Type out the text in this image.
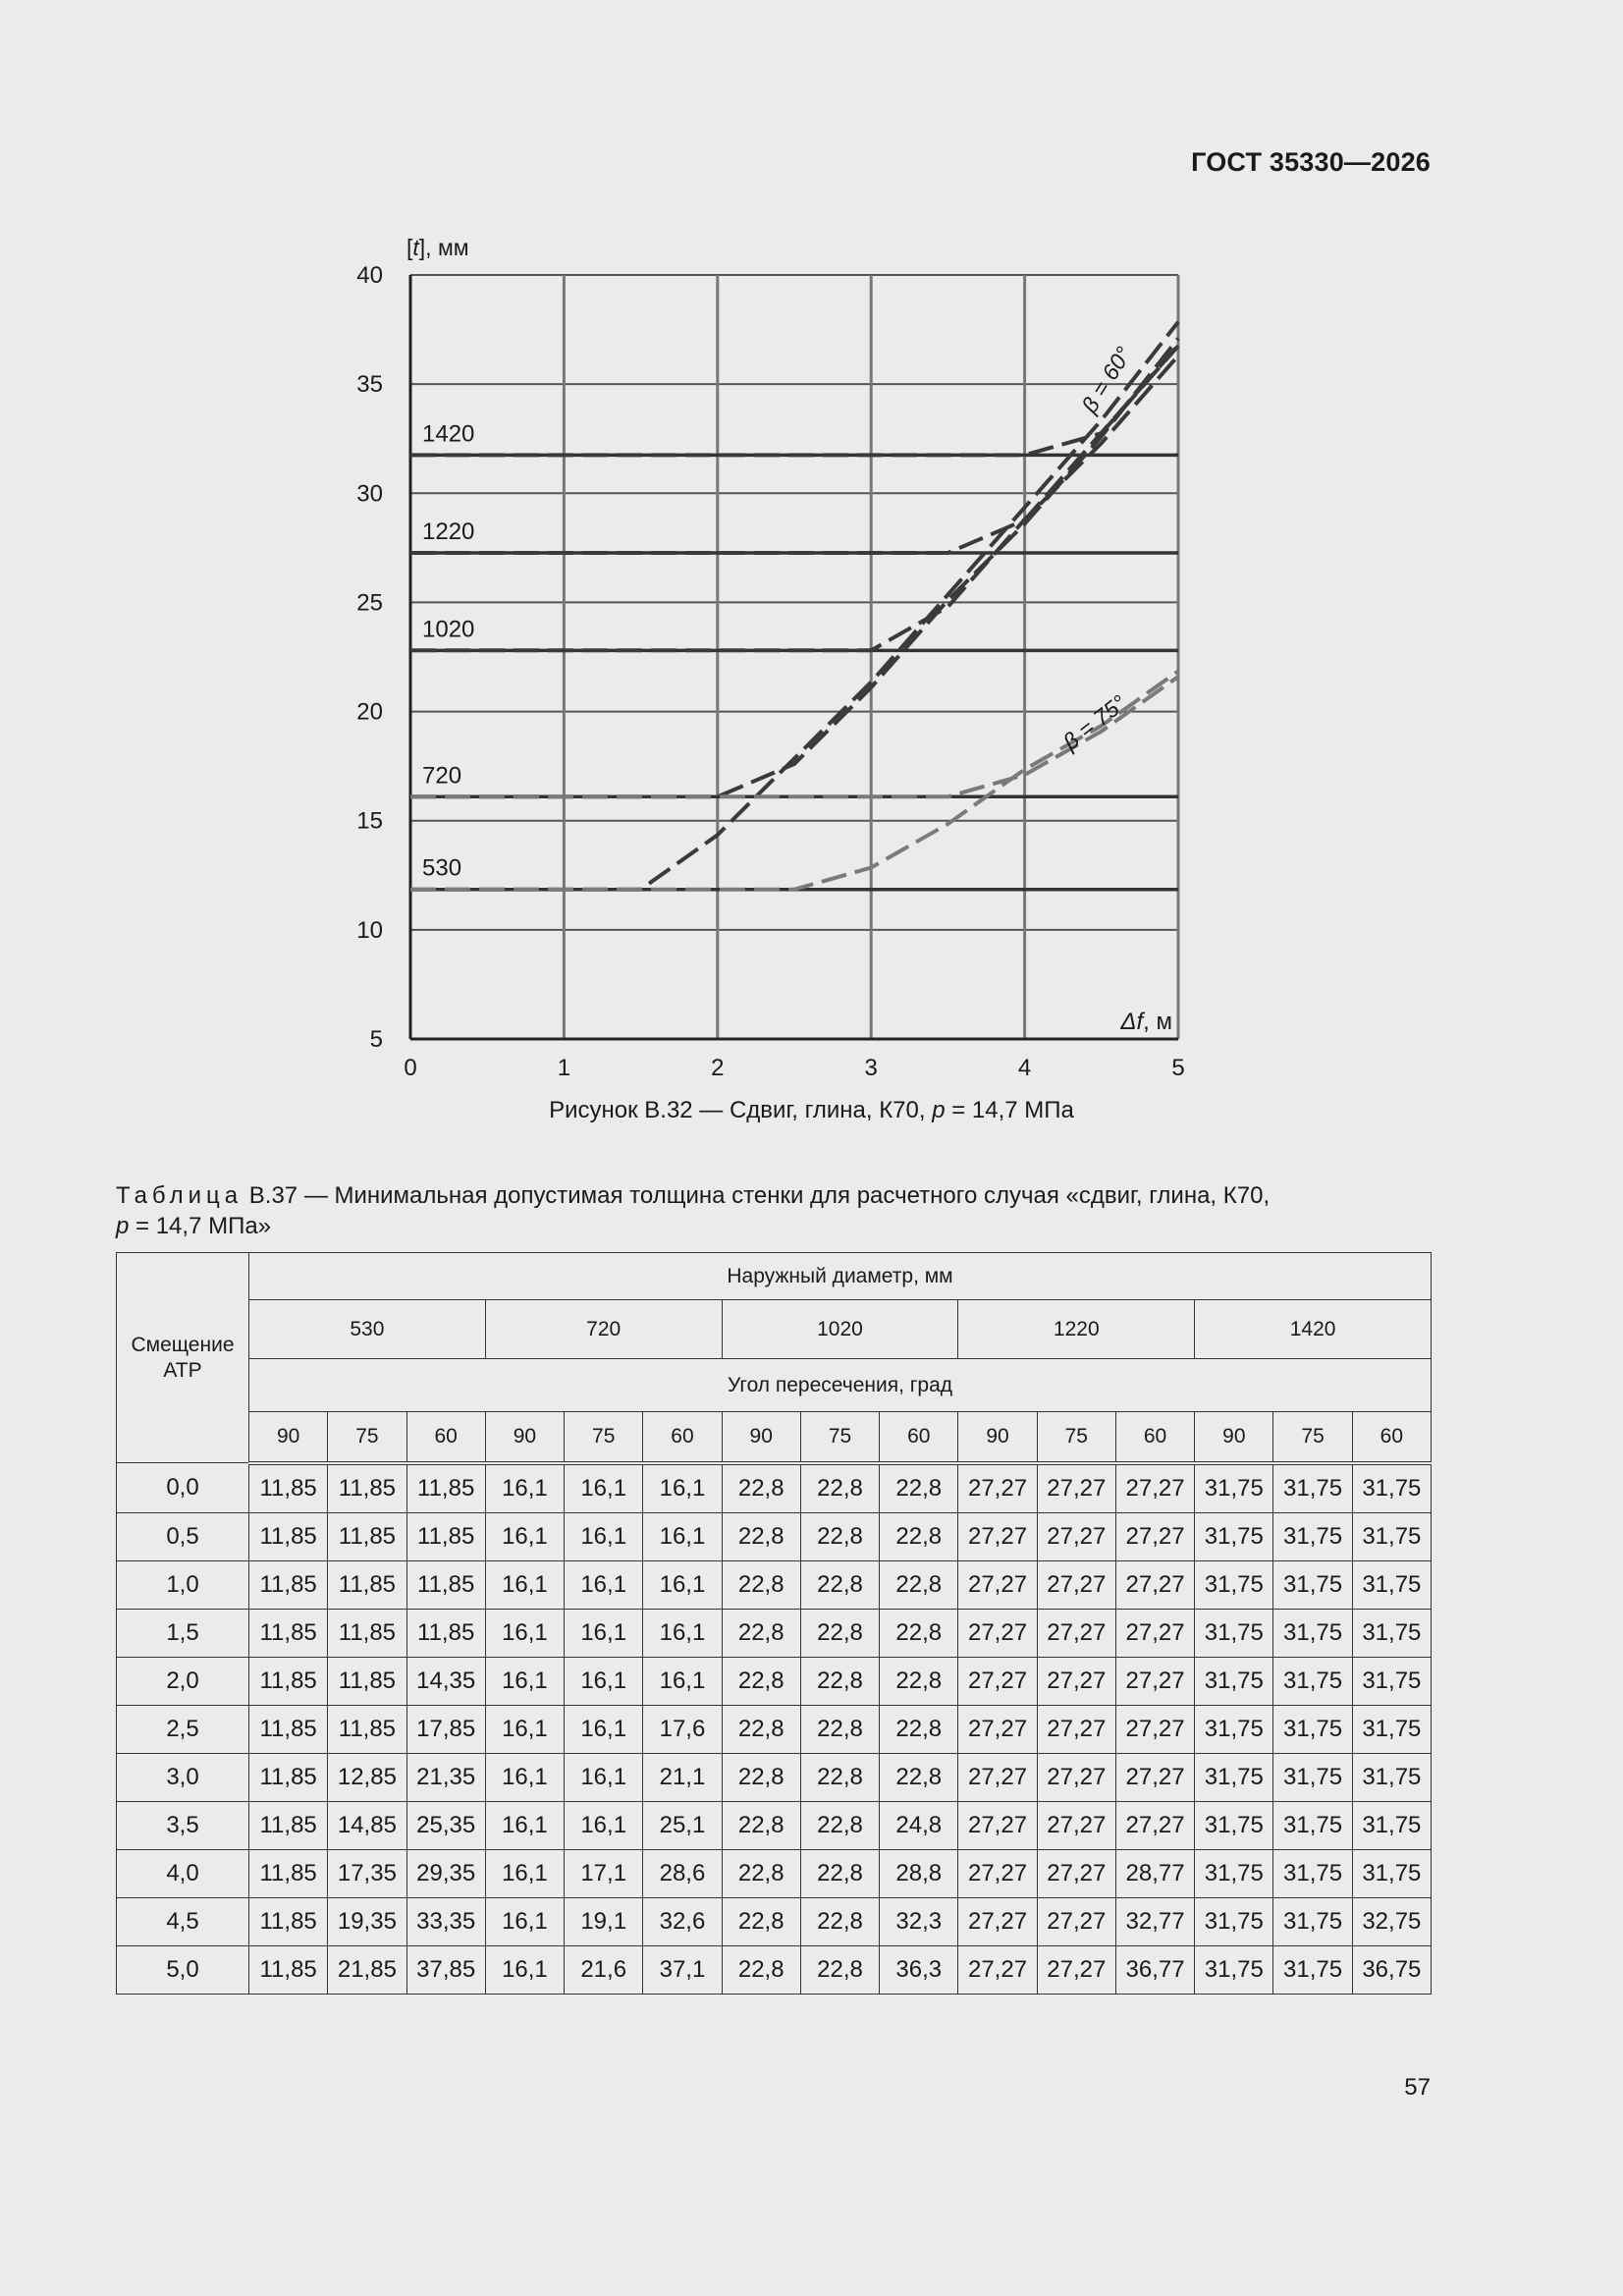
ГОСТ 35330—2026
530
720
1020
1220
1420
5
10
15
20
25
30
35
40
0	1	2	3	4	5
[t], мм
Δf, м
β = 60°
β = 75°
Рисунок В.32 — Сдвиг, глина, К70, p = 14,7 МПа
Таблица В.37 — Минимальная допустимая толщина стенки для расчетного случая «сдвиг, глина, К70,
p = 14,7 МПа»
Смещение АТР	Наружный диаметр, мм														
	530			720			1020			1220			1420		
	Угол пересечения, град														
	90	75	60	90	75	60	90	75	60	90	75	60	90	75	60
0,0	11,85	11,85	11,85	16,1	16,1	16,1	22,8	22,8	22,8	27,27	27,27	27,27	31,75	31,75	31,75
0,5	11,85	11,85	11,85	16,1	16,1	16,1	22,8	22,8	22,8	27,27	27,27	27,27	31,75	31,75	31,75
1,0	11,85	11,85	11,85	16,1	16,1	16,1	22,8	22,8	22,8	27,27	27,27	27,27	31,75	31,75	31,75
1,5	11,85	11,85	11,85	16,1	16,1	16,1	22,8	22,8	22,8	27,27	27,27	27,27	31,75	31,75	31,75
2,0	11,85	11,85	14,35	16,1	16,1	16,1	22,8	22,8	22,8	27,27	27,27	27,27	31,75	31,75	31,75
2,5	11,85	11,85	17,85	16,1	16,1	17,6	22,8	22,8	22,8	27,27	27,27	27,27	31,75	31,75	31,75
3,0	11,85	12,85	21,35	16,1	16,1	21,1	22,8	22,8	22,8	27,27	27,27	27,27	31,75	31,75	31,75
3,5	11,85	14,85	25,35	16,1	16,1	25,1	22,8	22,8	24,8	27,27	27,27	27,27	31,75	31,75	31,75
4,0	11,85	17,35	29,35	16,1	17,1	28,6	22,8	22,8	28,8	27,27	27,27	28,77	31,75	31,75	31,75
4,5	11,85	19,35	33,35	16,1	19,1	32,6	22,8	22,8	32,3	27,27	27,27	32,77	31,75	31,75	32,75
5,0	11,85	21,85	37,85	16,1	21,6	37,1	22,8	22,8	36,3	27,27	27,27	36,77	31,75	31,75	36,75
57
